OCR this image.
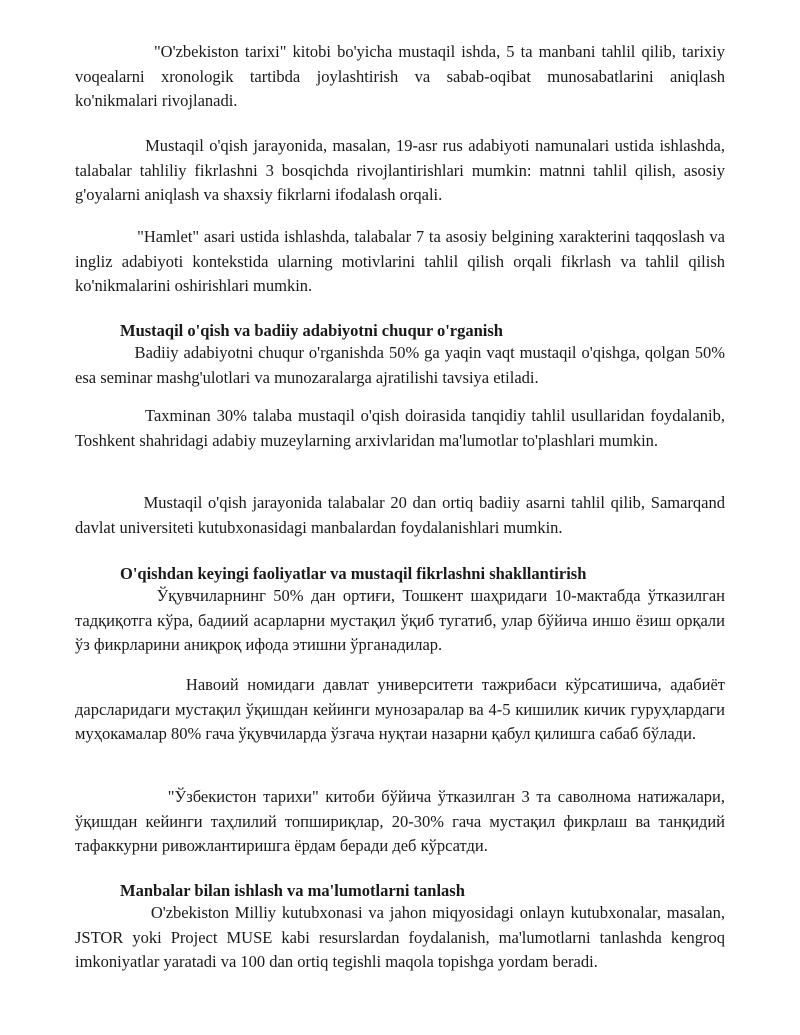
"O'zbekiston tarixi" kitobi bo'yicha mustaqil ishda, 5 ta manbani tahlil qilib, tarixiy voqealarni xronologik tartibda joylashtirish va sabab-oqibat munosabatlarini aniqlash ko'nikmalari rivojlanadi.

Mustaqil o'qish jarayonida, masalan, 19-asr rus adabiyoti namunalari ustida ishlashda, talabalar tahliliy fikrlashni 3 bosqichda rivojlantirishlari mumkin: matnni tahlil qilish, asosiy g'oyalarni aniqlash va shaxsiy fikrlarni ifodalash orqali.

"Hamlet" asari ustida ishlashda, talabalar 7 ta asosiy belgining xarakterini taqqoslash va ingliz adabiyoti kontekstida ularning motivlarini tahlil qilish orqali fikrlash va tahlil qilish ko'nikmalarini oshirishlari mumkin.

Mustaqil o'qish va badiiy adabiyotni chuqur o'rganish

Badiiy adabiyotni chuqur o'rganishda 50% ga yaqin vaqt mustaqil o'qishga, qolgan 50% esa seminar mashg'ulotlari va munozaralarga ajratilishi tavsiya etiladi.

Taxminan 30% talaba mustaqil o'qish doirasida tanqidiy tahlil usullaridan foydalanib, Toshkent shahridagi adabiy muzeylarning arxivlaridan ma'lumotlar to'plashlari mumkin.

Mustaqil o'qish jarayonida talabalar 20 dan ortiq badiiy asarni tahlil qilib, Samarqand davlat universiteti kutubxonasidagi manbalardan foydalanishlari mumkin.

O'qishdan keyingi faoliyatlar va mustaqil fikrlashni shakllantirish

Ўқувчиларнинг 50% дан ортиғи, Тошкент шаҳридаги 10-мактабда ўтказилган тадқиқотга кўра, бадиий асарларни мустақил ўқиб тугатиб, улар бўйича иншо ёзиш орқали ўз фикрларини аниқроқ ифода этишни ўрганадилар.

Навоий номидаги давлат университети тажрибаси кўрсатишича, адабиёт дарсларидаги мустақил ўқишдан кейинги мунозаралар ва 4-5 кишилик кичик гуруҳлардаги муҳокамалар 80% гача ўқувчиларда ўзгача нуқтаи назарни қабул қилишга сабаб бўлади.

"Ўзбекистон тарихи" китоби бўйича ўтказилган 3 та саволнома натижалари, ўқишдан кейинги таҳлилий топшириқлар, 20-30% гача мустақил фикрлаш ва танқидий тафаккурни ривожлантиришга ёрдам беради деб кўрсатди.

Manbalar bilan ishlash va ma'lumotlarni tanlash

O'zbekiston Milliy kutubxonasi va jahon miqyosidagi onlayn kutubxonalar, masalan, JSTOR yoki Project MUSE kabi resurslardan foydalanish, ma'lumotlarni tanlashda kengroq imkoniyatlar yaratadi va 100 dan ortiq tegishli maqola topishga yordam beradi.
